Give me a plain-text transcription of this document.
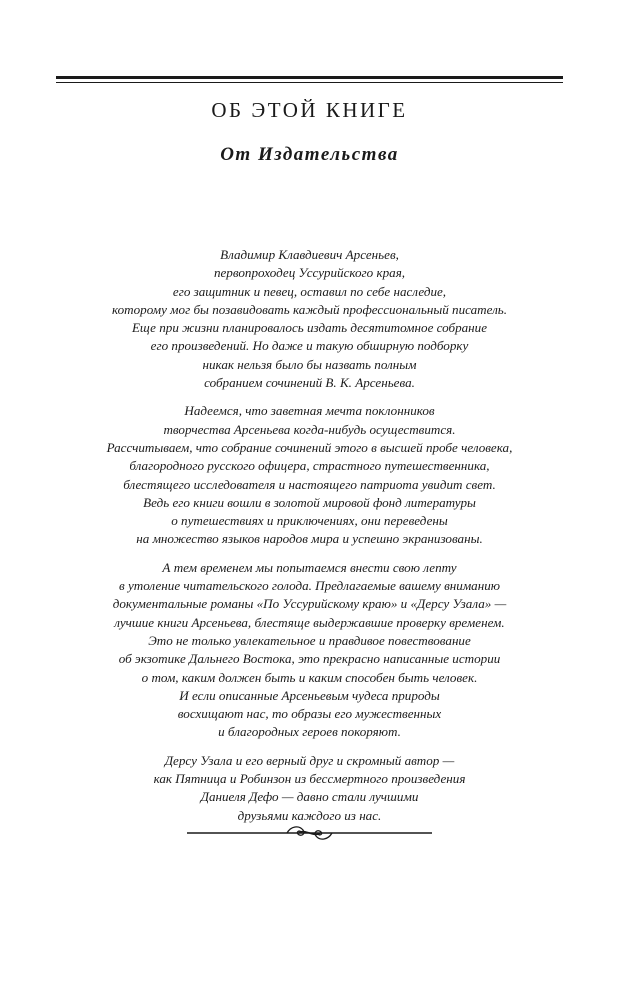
ОБ ЭТОЙ КНИГЕ
От Издательства

Владимир Клавдиевич Арсеньев,
первопроходец Уссурийского края,
его защитник и певец, оставил по себе наследие,
которому мог бы позавидовать каждый профессиональный писатель.
Еще при жизни планировалось издать десятитомное собрание
его произведений. Но даже и такую обширную подборку
никак нельзя было бы назвать полным
собранием сочинений В. К. Арсеньева.

Надеемся, что заветная мечта поклонников
творчества Арсеньева когда-нибудь осуществится.
Рассчитываем, что собрание сочинений этого в высшей пробе человека,
благородного русского офицера, страстного путешественника,
блестящего исследователя и настоящего патриота увидит свет.
Ведь его книги вошли в золотой мировой фонд литературы
о путешествиях и приключениях, они переведены
на множество языков народов мира и успешно экранизованы.

А тем временем мы попытаемся внести свою лепту
в утоление читательского голода. Предлагаемые вашему вниманию
документальные романы «По Уссурийскому краю» и «Дерсу Узала» —
лучшие книги Арсеньева, блестяще выдержавшие проверку временем.
Это не только увлекательное и правдивое повествование
об экзотике Дальнего Востока, это прекрасно написанные истории
о том, каким должен быть и каким способен быть человек.
И если описанные Арсеньевым чудеса природы
восхищают нас, то образы его мужественных
и благородных героев покоряют.

Дерсу Узала и его верный друг и скромный автор —
как Пятница и Робинзон из бессмертного произведения
Даниеля Дефо — давно стали лучшими
друзьями каждого из нас.
